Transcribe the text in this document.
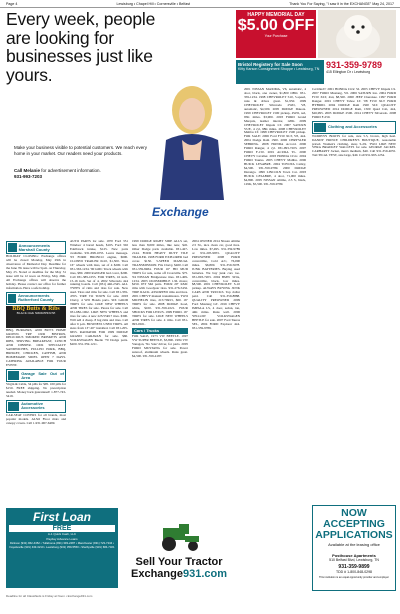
Page 4	Lewisburg • Chapel Hill • Cornersville • Belfast	Thank You For Saying, "I saw it in the EXCHANGE" May 24, 2017
Every week, people are looking for businesses just like yours.
Make your business visible to potential customers. We reach every home in your market. Our readers need your products.
Call Melanie for advertisement information.
931-993-7203
Exchange
HAPPY MEMORIAL DAY
$5.00 OFF
Your Purchase
Bristol Registery for Sale Soon
Kitty Karson Consignment Shoppe • Lewisburg, TN 931-359-9789
415 Ellington Dr • Lewisburg
Announcements Marshall County

HOLIDAY CLOSING: Exchange offices will be closed Monday, May 29th in observance of Memorial Day. Deadline for the June 7th issue will be 5p.m. on Thursday, May 25. Noted at deadline for the May 31 issue will be 12 noon on Friday, May 26th. All Exchange offices will observe the holiday. Please contact our office for further information. Have a safe holiday.

Announcements Rutherford County
BBQ Butts & Ribs
BLACK OAK SMOKEHOUSE

BBQ, BURGERS, AND BUTT. HOME GROWN. TRY OUR BISTROS, DELICIOUS SMOKED BRISKETS AND RIBS, SERVING BREAKFAST, LUNCH AND DINNER. OUR SPECIALTY SANDWICHES, PULLED PORK, BBQ, BRISKET, CHICKEN, CATFISH, AND HOMEMADE SIDES. OPEN 7 DAYS. CATERING AVAILABLE FOR YOUR EVENT.

Garage Sale Out of Area

Virgin & Cable, 34 pills for $95. 100 pills for $150. FREE shipping. No prescription needed. Money back guaranteed! 1-877-743-5419.

Automotive Accessories

CAR-SEAT COVERS for all brands, most popular models. ALSO Floor mats and canopy covers. Call 1-931-967-6499.

AUTO PARTS for sale. 1970 Ford 351 Windsor 4 barrel heads, $165. Ford 302 Edelbrock intake, $125. New parts available. 931-698-1055. Leave message. '03 FORD BRONCO engine, $600. CLOSED TRAILER 6x10, $1,500. Tires 16" wheels with tires, set of 4 $200. Call 931-363-1234. '90 GMC Truck wheels with tires, $80. 2000 RANGER bed cover, $200. Call 931-389-1055. FOR TIRES, 16 inch. 15-16 inch. Set of 4. 2002 Silverado 4x4 running boards. Call (931) 446-2345. ALL TYPES of rims and tires for sale. New used. Tires and rims for sale. Call 931-359-4765. TIRE TO TOWN for sale. 2003 Chevy, 4 WD Honda parts. SIX GOOD TIRES for sale. LIKE NEW WHEELS AND TIRES for sale. Pieces for sale. Call 931-982-1062. LIKE NEW WHEELS and tires for sale. 4 new 225/55R17 tires. $300. Will sell 4 cheap. 8 lug rims and tires. Call after 6 p.m. BUSINESS USED TIRES. All sizes from 13"-20" installed. Call 931-205-6655. RADIATOR FOR 1999 DODGE GRAND CARAVAN for sale. $60. VOLKSWAGEN Beetle '70 Dodge parts. $200. 931-359-1211.

1999 DODGE RIGHT SIDE ALLS set, less than 8,000 miles, like new, $45. Other Dodge parts available. 931-427-2144. FOUR HEAVY DUTY TILE TRAILER. 1998 FORD EXPLORER bed cover. $150. 5-SPEED MANUAL TRANSMISSION. Fits Chevy, $400. Call 931-359-8484. FOUR 16" HD MUD TIRES for sale, some off Crossville. $75. '04 NISSAN Bridgestone tires. 931-409-1234. 2003 OLDSMOBILE 1.9L motor, $250. JET SKI parts. FOUR 20" KMC rims with Goodyear tires. 931-276-5432. TIRE RACK. ASSORTED rims and tires. 2001 CHEVY manual transmission. TWO MICHELIN tires, 215/70R15, $60. 16" TIRES for sale. 2008 DODGE hood, white, $100. 931-359-2221. FOUR SHOCKS FOR LEXUS. 1999 FORD. 16" TIRES for sale. LIKE NEW WHEELS AND TIRES for sale. 4 rims. Call 931-993-0021.

Cars / Trucks

FOR SALE, 1973 VW BEETLE. 1997 VW SUPER BEETLE, $3,800. 1984 VW Vanagon, 'No Sale' driver, for parts. 2005 FORD MUSTANG for sale. Power sunroof, aluminum wheels. Runs great. $4,500. 931-359-4187.

2004 OWNED 2014 Nissan Altima 2.5 SL, nice clean car, good tires. Low miles. $7,495. 931-359-9789 or 931-205-9955. QUALITY PREOWNED 2008 FORD convertible, Cold A/C, 76,000 miles. $6,800. 931-359-5678. JUNK BATTERIES. Buying used batteries. We buy junk cars too. 931-993-7203. 2004 BMW 325is, convertible, black, low miles. $8,500. 2001 CHEVROLET S-10 pickup. ALWAYS BUYING JUNK CARS AND TRUCKS. Top dollar paid. Call 931-359-8888. QUALITY PREOWNED 2009 Ford Mustang GT. 2016 CHEVY IMPALA LS, 4 door, sedan, tan, 44K miles. Runs well. 2006 YELLOW VOLKSWAGEN BEETLE for sale. 2007 Ford Tauras SEL, 2004 FORD Explorer 4x4. 931-359-9789.

2001 NISSAN MAXIMA, V6, automatic, 4 door, black, one owner, $1,800 OBO. 931-359-1234. 1998 CHEVROLET S10, 5-speed, runs & drives great. $1,950. 1999 CHEVROLET Silverado 2WD, V8, automatic, $4,500. 2005 DODGE Dakota. 1999 CHEVROLET 1500 pickup, 4WD, red, 95K miles. $3,900. 2003 FORD Grand Marquis, leather interior, 120K. 2009 CHEVROLET Impala LT. 2007 SATURN VUE, 4 cyl, 98K miles. 2008 CHEVROLET Malibu LT. 1998 CHEVROLET 1500 pickup. FOR SALE: 2006 Ford F150 XLT, V8, 4x4. 2004 Dodge Ram 1500. 2006 CHRYSLER SEBRING. 2008 HONDA Accord. 2006 FORD Ranger, 4 cyl. 931-993-7203. 2007 FORD F-150. 2001 ACURA TL. 2000 CHEVY Cavalier. 2003 HONDA Civic. 2004 FORD Taurus. 2005 CHEVY Malibu. 2006 BUICK LESABRE. 2004 TOYOTA Camry, $4,500. 931-359-9789. 2000 DODGE Durango. 1999 LINCOLN Town Car. 2003 BUICK LESABRE, 4 door, 71,000 miles. $4,800. 2005 NISSAN Altima, 2.5 S, black, 129K, $5,500. 931-359-9789.

Certified® 2001 HONDA Civic SI. 2005 CHEVY Impala LS. 2007 FORD Mustang, V6. 2006 SATURN Ion. 2004 FORD F150 XLT, 4x4, $8,500. 2000 JEEP Cherokee. 1997 FORD Ranger. 2001 CHEVY Tahoe LT. '08 F150 XLT FORD HYBRID. 2004 DODGE Ram 1500 SLT. QUALITY PREOWNED 2014 DODGE Ram, 1500 Quad Cab, 4x4, $26,995. 2003 DODGE 2500. 2014 CHEVY Silverado. 2008 FORD F-250.

Clothing and Accessories

WOMEN'S BOOTS for sale, size 5.5, brown, high heel. DANDY PRINCE CHILDREN'S BOUTIQUE, reasonable priced. Women's clothing, sizes S-2X. TWO LIKE NEW VERA BRADLEY WALLETS for sale. GEORGE JACKEL CARHARTT Jacket, men's medium, $40. Call 931-359-4055. TACTICAL VEST, size large, $40. Call 931-993-1234.

First Loan
FREE
A-1 Quick Cash, LLC
Payday Advance Loans
Dickson (931) 962-4452 • Tullahoma (931) 393-2487 • Manchester (931) 723-7234 • Fayetteville (931) 433-3210 • Lewisburg (931) 359-5550 • Shelbyville (931) 684-7321
Sell Your Tractor
Exchange931.com
NOW ACCEPTING APPLICATIONS
Available at the leasing office
Posthouse Apartments
510 Belfast Blvd, Lewisburg, TN
931-359-9899
TDD # 1-800-848-0298
This institution is an equal opportunity provider and employer
Deadline for all Classifieds is Friday at Noon • Exchange931.com
